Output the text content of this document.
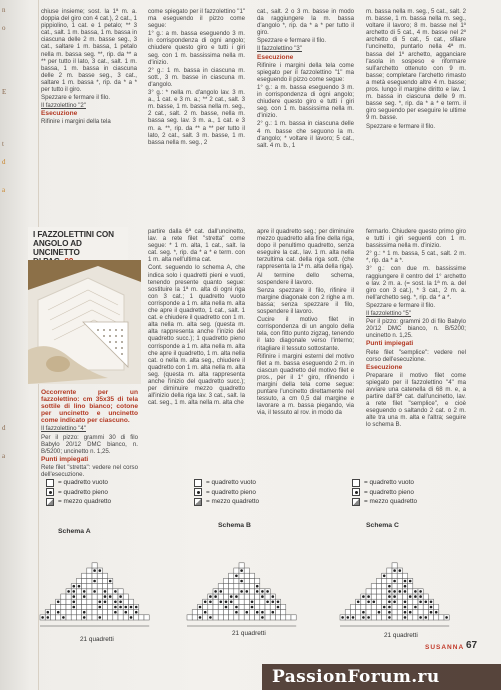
n
o
E
t
d
a
d
a

chiuse insieme; sost. la 1ª m. a. doppia del giro con 4 cat.), 2 cat., 1 pippiolino, 1 cat. e 1 petalo; ** 3 cat., salt. 1 m. bassa, 1 m. bassa in ciascuna delle 2 m. basse seg., 3 cat., saltare 1 m. bassa, 1 petalo nella m. bassa seg. **, rip. da ** a ** per tutto il lato, 3 cat., salt. 1 m. bassa, 1 m. bassa in ciascuna delle 2 m. basse seg., 3 cat., saltare 1 m. bassa *, rip. da * a * per tutto il giro.

Spezzare e fermare il filo.

Il fazzolettino "2"

Esecuzione

Rifinire i margini della tela

come spiegato per il fazzolettino "1" ma eseguendo il pizzo come segue:

1° g.: a m. bassa eseguendo 3 m. in corrispondenza di ogni angolo; chiudere questo giro e tutti i giri seg. con 1 m. bassissima nella m. d'inizio.

2° g.: 1 m. bassa in ciascuna m. sott., 3 m. basse in ciascuna m. d'angolo.

3° g.: * nella m. d'angolo lav. 3 m. a., 1 cat. e 3 m. a.; ** 2 cat., salt. 3 m. basse, 1 m. bassa nella m. seg., 2 cat., salt. 2 m. basse, nella m. bassa seg. lav. 3 m. a., 1 cat. e 3 m. a. **, rip. da ** a ** per tutto il lato, 2 cat., salt. 3 m. basse, 1 m. bassa nella m. seg., 2

cat., salt. 2 o 3 m. basse in modo da raggiungere la m. bassa d'angolo *, rip. da * a * per tutto il giro.

Spezzare e fermare il filo.

Il fazzolettino "3"

Esecuzione

Rifinire i margini della tela come spiegato per il fazzolettino "1" ma eseguendo il pizzo come segue:

1° g.: a m. bassa eseguendo 3 m. in corrispondenza di ogni angolo; chiudere questo giro e tutti i giri seg. con 1 m. bassissima nella m. d'inizio.

2° g.: 1 m. bassa in ciascuna delle 4 m. basse che seguono la m. d'angolo; * voltare il lavoro; 5 cat., salt. 4 m. b., 1

m. bassa nella m. seg., 5 cat., salt. 2 m. basse, 1 m. bassa nella m. seg., voltare il lavoro; 8 m. basse nel 1º archetto di 5 cat., 4 m. basse nel 2º archetto di 5 cat., 5 cat., sfilare l'uncinetto, puntarlo nella 4ª m. bassa del 1º archetto, agganciare l'asola in sospeso e riformare sull'archetto ottenuto con 9 m. basse; completare l'archetto rimasto a metà eseguendo altre 4 m. basse; pros. lungo il margine diritto e lav. 1 m. bassa in ciascuna delle 9 m. basse seg. *, rip. da * a * e term. il giro seguendo per eseguire le ultime 9 m. basse.

Spezzare e fermare il filo.

I FAZZOLETTINI CON
ANGOLO AD UNCINETTO

Occorrente per un fazzolettino: cm 35x35 di tela sottile di lino bianco; cotone per uncinetto e uncinetto come indicato per ciascuno.

Il fazzolettino "4"

Per il pizzo: grammi 30 di filo Babylo 20/12 DMC bianco, n. B/5200; uncinetto n. 1,25.

Punti impiegati

Rete filet "stretta": vedere nel corso dell'esecuzione.

partire dalla 6ª cat. dall'uncinetto, lav. a rete filet "stretta" come segue: * 1 m. alta, 1 cat., salt. la cat. seg. *, rip. da * a * e term. con 1 m. alta nell'ultima cat.

Cont. seguendo lo schema A, che indica solo i quadretti pieni e vuoti, tenendo presente quanto segue: sostituire la 1ª m. alta di ogni riga con 3 cat.; 1 quadretto vuoto corrisponde a 1 m. alta nella m. alta che apre il quadretto, 1 cat., salt. 1 cat. e chiudere il quadretto con 1 m. alta nella m. alta seg. (questa m. alta rappresenta anche l'inizio del quadretto succ.); 1 quadretto pieno corrisponde a 1 m. alta nella m. alta che apre il quadretto, 1 m. alta nella cat. o nella m. alta seg., chiudere il quadretto con 1 m. alta nella m. alta seg. (questa m. alta rappresenta anche l'inizio del quadretto succ.); per diminuire mezzo quadretto all'inizio della riga lav. 3 cat., salt. la cat. seg., 1 m. alta nella m. alta che

apre il quadretto seg.; per diminuire mezzo quadretto alla fine della riga, dopo il penultimo quadretto, senza eseguire la cat., lav. 1 m. alta nella terzultima cat. della riga sott. (che rappresenta la 1ª m. alta della riga).

Al termine dello schema, sospendere il lavoro.

Senza spezzare il filo, rifinire il margine diagonale con 2 righe a m. bassa; senza spezzare il filo, sospendere il lavoro.

Cucire il motivo filet in corrispondenza di un angolo della tela, con fitto punto zigzag, tenendo il lato diagonale verso l'interno; ritagliare il tessuto sottostante.

Rifinire i margini esterni del motivo filet a m. bassa eseguendo 2 m. in ciascun quadretto del motivo filet e pros., per il 1° giro, rifinendo i margini della tela come segue: puntare l'uncinetto direttamente nel tessuto, a cm 0,5 dal margine e lavorare a m. bassa piegando, via via, il tessuto al rov. in modo da

fermarlo. Chiudere questo primo giro e tutti i giri seguenti con 1 m. bassissima nella m. d'inizio.

2° g.: * 1 m. bassa, 5 cat., salt. 2 m. *, rip. da * a *.

3° g.: con due m. bassissime raggiungere il centro del 1° archetto e lav. 2 m. a. (= sost. la 1ª m. a. del giro con 3 cat.), * 3 cat., 2 m. a. nell'archetto seg. *, rip. da * a *.

Spezzare e fermare il filo.

Il fazzolettino "5"

Per il pizzo: grammi 20 di filo Babylo 20/12 DMC bianco, n. B/5200; uncinetto n. 1,25.

Punti impiegati

Rete filet "semplice": vedere nel corso dell'esecuzione.

Esecuzione

Preparare il motivo filet come spiegato per il fazzolettino "4" ma avviare una catenella di 68 m. e, a partire dall'8ª cat. dall'uncinetto, lav. a rete filet "semplice", e cioè eseguendo o saltando 2 cat. o 2 m. alte tra una m. alta e l'altra; seguire lo schema B.

= quadretto vuoto
= quadretto pieno
= mezzo quadretto
= quadretto vuoto
= quadretto pieno
= mezzo quadretto
= quadretto vuoto
= quadretto pieno
= mezzo quadretto
Schema A
21 quadretti
Schema B
21 quadretti
Schema C
21 quadretti
SUSANNA 67
PassionForum.ru
